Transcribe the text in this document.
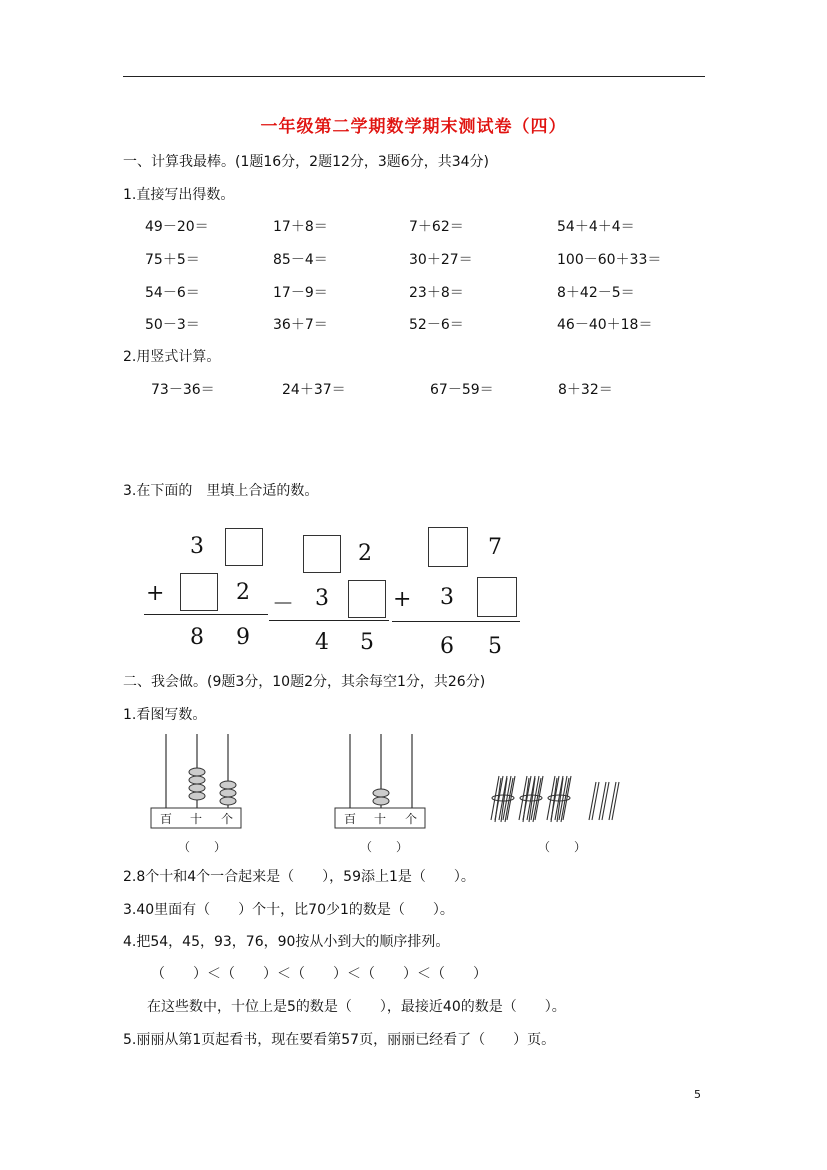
一年级第二学期数学期末测试卷（四）
一、计算我最棒。(1题16分，2题12分，3题6分，共34分)
1.直接写出得数。
49－20＝	17＋8＝	7＋62＝	54＋4＋4＝
75＋5＝	85－4＝	30＋27＝	100－60＋33＝
54－6＝	17－9＝	23＋8＝	8＋42－5＝
50－3＝	36＋7＝	52－6＝	46－40＋18＝
2.用竖式计算。
73－36＝	24＋37＝	67－59＝	8＋32＝
3.在下面的　里填上合适的数。
3
+	2
8 9
2
－ 3
4 5
7
+ 3
6 5
二、我会做。(9题3分，10题2分，其余每空1分，共26分)
1.看图写数。
百 十 个
（　　）
百 十 个
（　　）	（　　）
2.8个十和4个一合起来是（　　），59添上1是（　　）。
3.40里面有（　　）个十，比70少1的数是（　　）。
4.把54，45，93，76，90按从小到大的顺序排列。
（　　）＜（　　）＜（　　）＜（　　）＜（　　）
在这些数中，十位上是5的数是（　　），最接近40的数是（　　）。
5.丽丽从第1页起看书，现在要看第57页，丽丽已经看了（　　）页。
5
